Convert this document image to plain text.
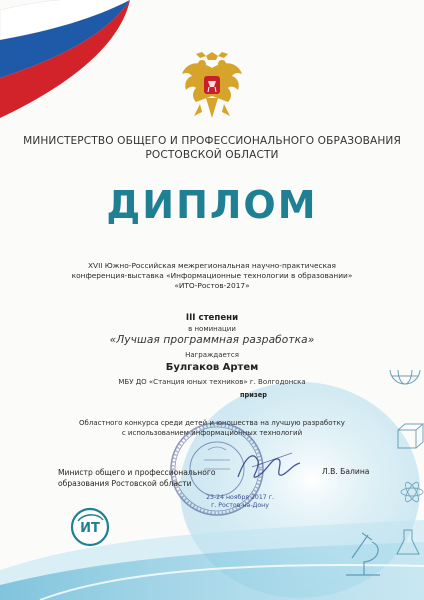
МИНИСТЕРСТВО ОБЩЕГО И ПРОФЕССИОНАЛЬНОГО ОБРАЗОВАНИЯ
РОСТОВСКОЙ ОБЛАСТИ
ДИПЛОМ
XVII Южно-Российская межрегиональная научно-практическая
конференция-выставка «Информационные технологии в образовании»
«ИТО-Ростов-2017»
III степени
в номинации
«Лучшая программная разработка»
Награждается
Булгаков Артем
МБУ ДО «Станция юных техников» г. Волгодонска
призер
Областного конкурса среди детей и юношества на лучшую разработку
с использованием информационных технологий
23-24 ноября 2017 г.
г. Ростов-на-Дону
Министр общего и профессионального
образования Ростовской области
Л.В. Балина
ИТ
